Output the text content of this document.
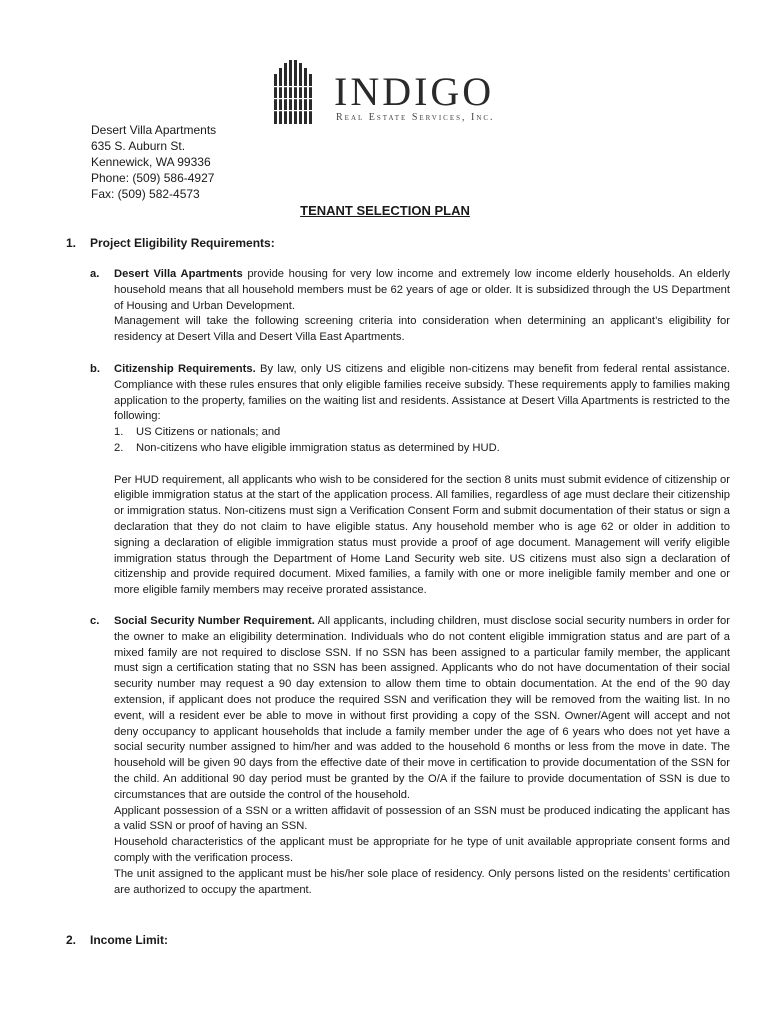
INDIGO
Real Estate Services, Inc.
Desert Villa Apartments
635 S. Auburn St.
Kennewick, WA 99336
Phone: (509) 586-4927
Fax: (509) 582-4573
TENANT SELECTION PLAN
1. Project Eligibility Requirements:
a. Desert Villa Apartments provide housing for very low income and extremely low income elderly households. An elderly household means that all household members must be 62 years of age or older. It is subsidized through the US Department of Housing and Urban Development.

Management will take the following screening criteria into consideration when determining an applicant’s eligibility for residency at Desert Villa and Desert Villa East Apartments.

b. Citizenship Requirements. By law, only US citizens and eligible non-citizens may benefit from federal rental assistance. Compliance with these rules ensures that only eligible families receive subsidy. These requirements apply to families making application to the property, families on the waiting list and residents. Assistance at Desert Villa Apartments is restricted to the following:

1.	US Citizens or nationals; and
2.	Non-citizens who have eligible immigration status as determined by HUD.

Per HUD requirement, all applicants who wish to be considered for the section 8 units must submit evidence of citizenship or eligible immigration status at the start of the application process. All families, regardless of age must declare their citizenship or immigration status. Non-citizens must sign a Verification Consent Form and submit documentation of their status or sign a declaration that they do not claim to have eligible status. Any household member who is age 62 or older in addition to signing a declaration of eligible immigration status must provide a proof of age document. Management will verify eligible immigration status through the Department of Home Land Security web site. US citizens must also sign a declaration of citizenship and provide required document. Mixed families, a family with one or more ineligible family member and one or more eligible family members may receive prorated assistance.

c. Social Security Number Requirement. All applicants, including children, must disclose social security numbers in order for the owner to make an eligibility determination. Individuals who do not content eligible immigration status and are part of a mixed family are not required to disclose SSN. If no SSN has been assigned to a particular family member, the applicant must sign a certification stating that no SSN has been assigned. Applicants who do not have documentation of their social security number may request a 90 day extension to allow them time to obtain documentation. At the end of the 90 day extension, if applicant does not produce the required SSN and verification they will be removed from the waiting list. In no event, will a resident ever be able to move in without first providing a copy of the SSN. Owner/Agent will accept and not deny occupancy to applicant households that include a family member under the age of 6 years who does not yet have a social security number assigned to him/her and was added to the household 6 months or less from the move in date. The household will be given 90 days from the effective date of their move in certification to provide documentation of the SSN for the child. An additional 90 day period must be granted by the O/A if the failure to provide documentation of SSN is due to circumstances that are outside the control of the household.

Applicant possession of a SSN or a written affidavit of possession of an SSN must be produced indicating the applicant has a valid SSN or proof of having an SSN.

Household characteristics of the applicant must be appropriate for he type of unit available appropriate consent forms and comply with the verification process.

The unit assigned to the applicant must be his/her sole place of residency. Only persons listed on the residents’ certification are authorized to occupy the apartment.

2. Income Limit:
